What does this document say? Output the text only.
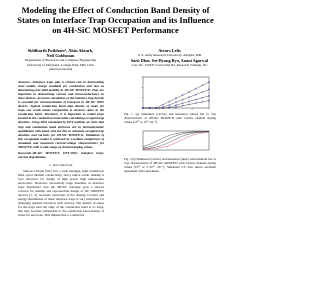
Modeling the Effect of Conduction Band Density of States on Interface Trap Occupation and its Influence on 4H-SiC MOSFET Performance
Siddharth Potbhare¹, Akin Akturk,
Neil Goldsman
Department of Electrical and Computer Engineering
University of Maryland, College Park, MD, USA
[email protected]
Aivars Lelis
U.S. Army Research Laboratory, Adelphi, MD
Sarit Dhar, Sei-Hyung Ryu, Anant Agarwal
Cree Inc. 3206 E Cornwallis Rd, Research Triangle, NC
Abstract—Interface traps play a crucial role in determining most mobile charge available for conduction and also in determining free field mobility in 4H-SiC MOSFETs. They are important in determining current and transconductance in these devices. Accurate calculation of the interface trap density is essential for characterization of transport in 4H-SiC MOS devices. Typical conduction band edge density of states for traps can result values comparable to electron states in the conduction band. Therefore, it is important to model traps located in the conduction band while calculating occupied trap densities. Using DOS calculated by DFT method, we show that trap and conduction band electrons are in thermodynamic equilibrium with band, and use this to calculate occupied trap densities and currents for 4H-SiC MOSFETs. Validation of this occupation model is achieved by excellent comparison of simulated and measured current-voltage characteristics for MOSFETs with a wide range of channel doping values.
Keywords-4H-SiC MOSFET; DFT-DOS; interface traps; current degradation;
I. Introduction
Silicon Carbide (SiC) has a wide bandgap, high breakdown field, good thermal conductivity, and a native oxide, making it very attractive for design of high power high temperature electronics. However, excessively large densities of interface traps distributed over the 4H-SiC bandgap pose a serious concern for reliable and reproducible design of SiC MOSFET devices [1, 2]. Accurate extraction of the density, location and energy-distribution of these interface traps is very important for designing optimal current in such devices. The density of states for the traps near the edge of the conduction band is so large, that they become comparable to the conduction band density of states for electrons. This implies that a conduction
Fig. 1. (a) Simulated (circles) and measured (lines) Ids vs Vgs characteristics of 4H-SiC MOSFETs with various channel doping values (10¹⁵ to 10¹⁷ cm⁻³).
Fig. 1(b) Simulated (circles) and measured (lines) sub-threshold Ids vs Vgs characteristics of 4H-SiC MOSFETs with various channel doping values (10¹⁵ to 5×10¹⁷ cm⁻³). Simulated I-V data shows excellent agreement with experiment.
